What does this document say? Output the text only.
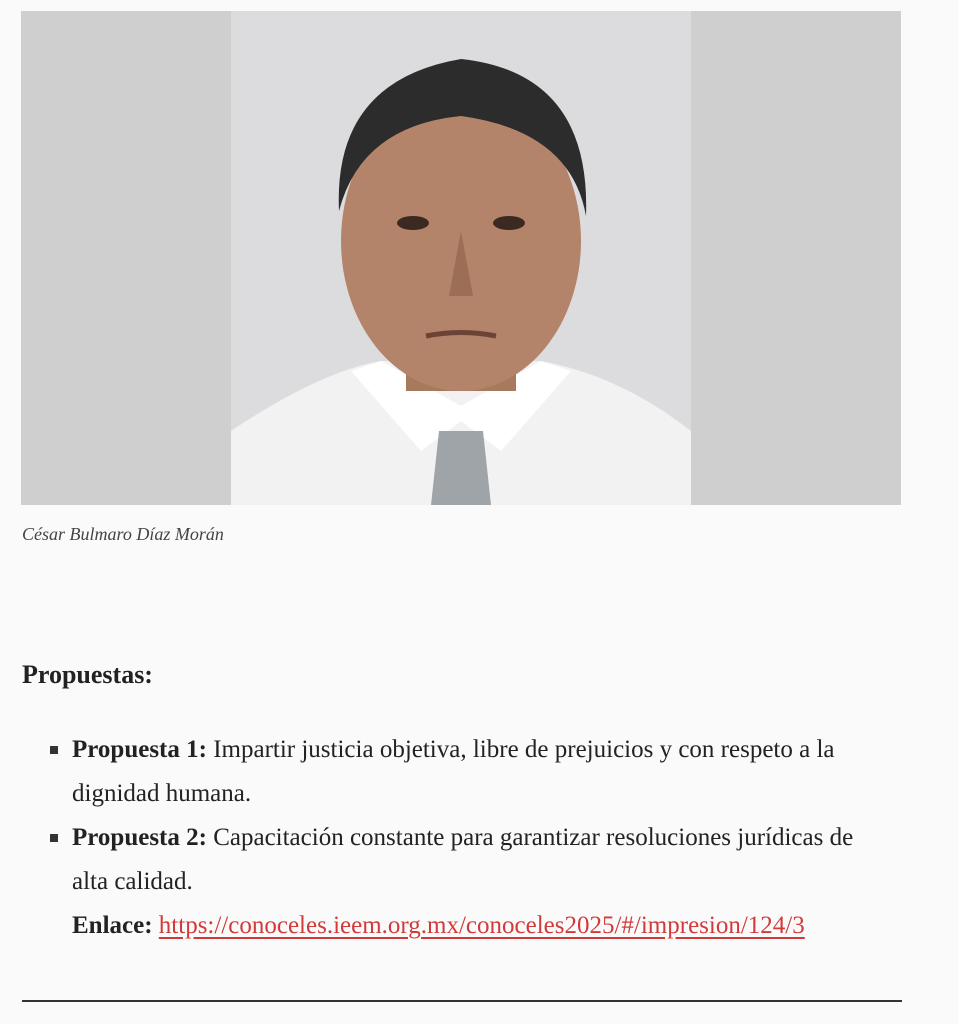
César Bulmaro Díaz Morán
Propuestas:
Propuesta 1: Impartir justicia objetiva, libre de prejuicios y con respeto a la dignidad humana.
Propuesta 2: Capacitación constante para garantizar resoluciones jurídicas de alta calidad.
Enlace: https://conoceles.ieem.org.mx/conoceles2025/#/impresion/124/3
